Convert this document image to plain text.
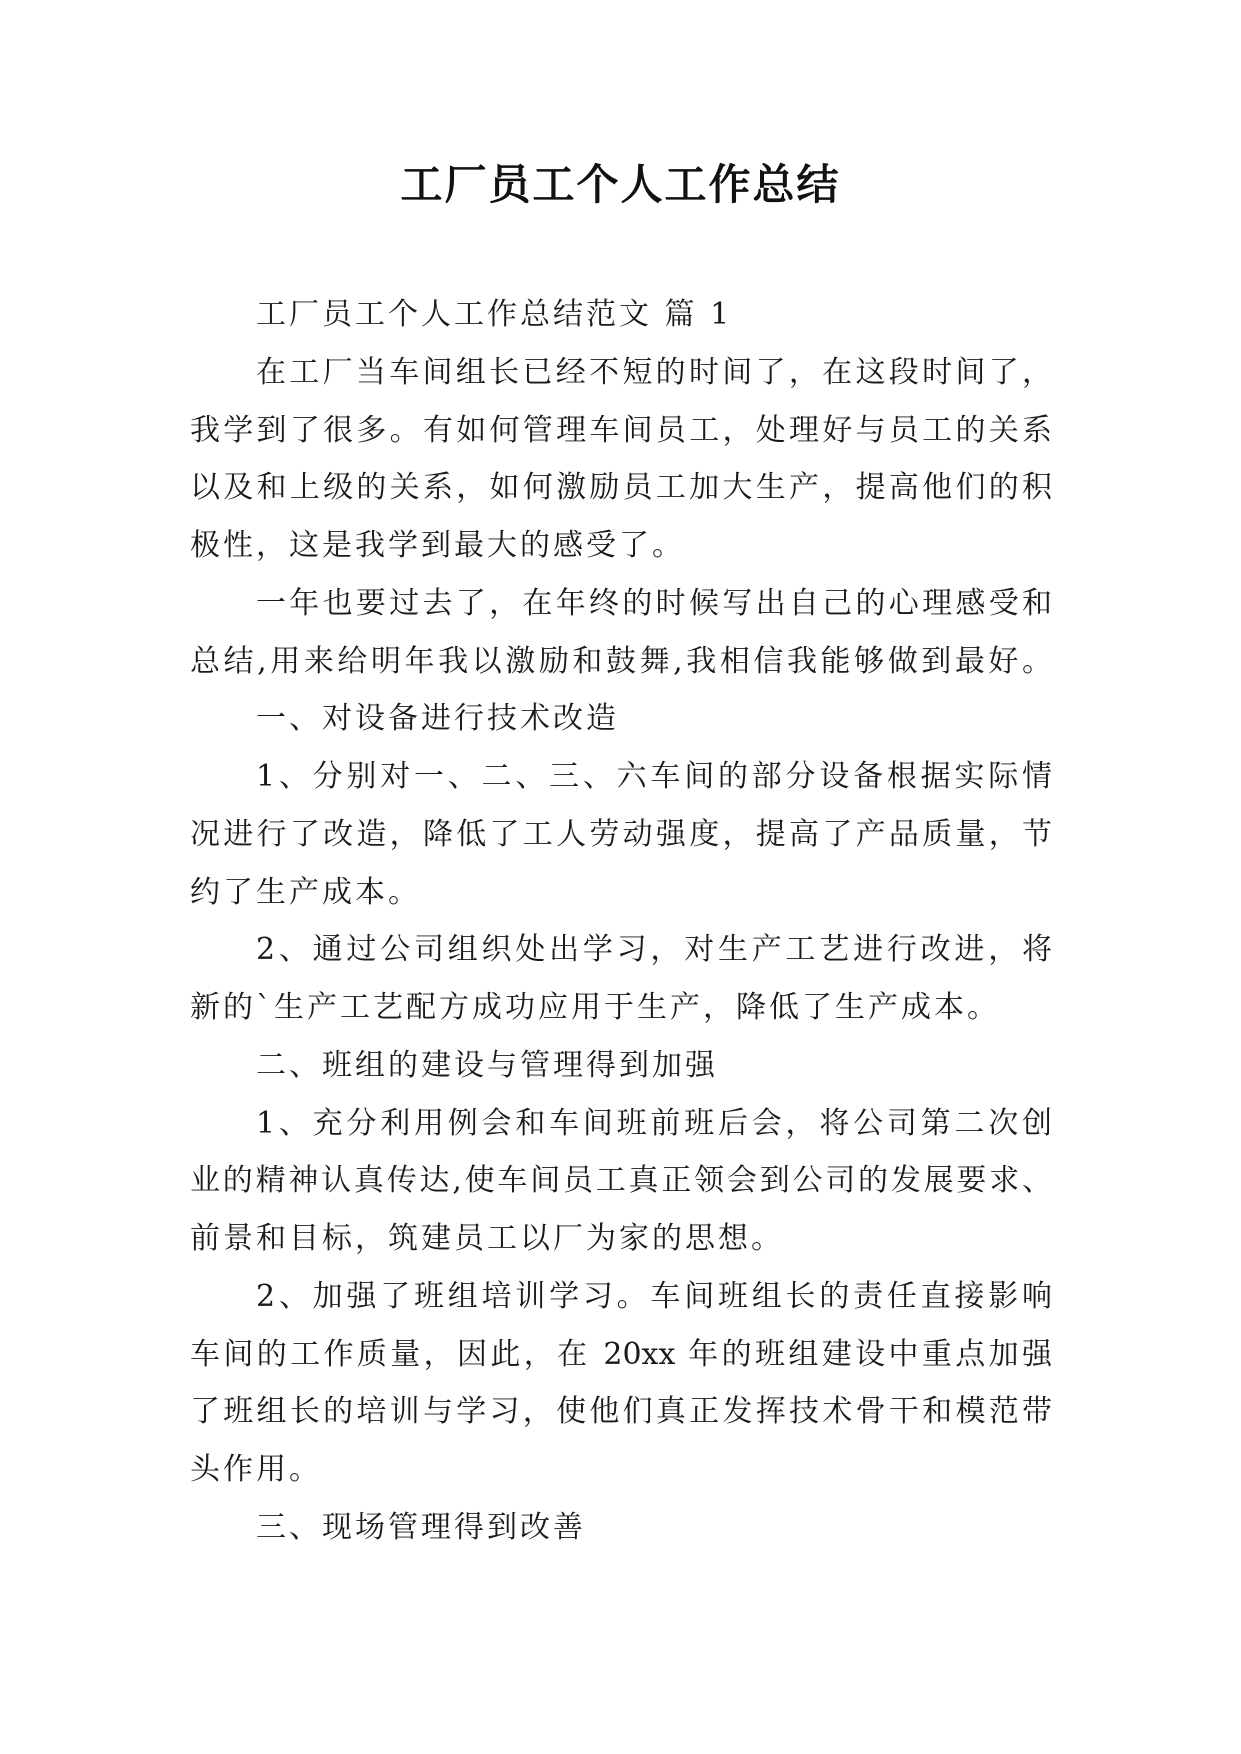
工厂员工个人工作总结
工厂员工个人工作总结范文 篇 1
在工厂当车间组长已经不短的时间了，在这段时间了，
我学到了很多。有如何管理车间员工，处理好与员工的关系
以及和上级的关系，如何激励员工加大生产，提高他们的积
极性，这是我学到最大的感受了。
一年也要过去了，在年终的时候写出自己的心理感受和
总结,用来给明年我以激励和鼓舞,我相信我能够做到最好。
一、对设备进行技术改造
1、分别对一、二、三、六车间的部分设备根据实际情
况进行了改造，降低了工人劳动强度，提高了产品质量，节
约了生产成本。
2、通过公司组织处出学习，对生产工艺进行改进，将
新的`生产工艺配方成功应用于生产，降低了生产成本。
二、班组的建设与管理得到加强
1、充分利用例会和车间班前班后会，将公司第二次创
业的精神认真传达,使车间员工真正领会到公司的发展要求、
前景和目标，筑建员工以厂为家的思想。
2、加强了班组培训学习。车间班组长的责任直接影响
车间的工作质量，因此，在 20xx 年的班组建设中重点加强
了班组长的培训与学习，使他们真正发挥技术骨干和模范带
头作用。
三、现场管理得到改善
